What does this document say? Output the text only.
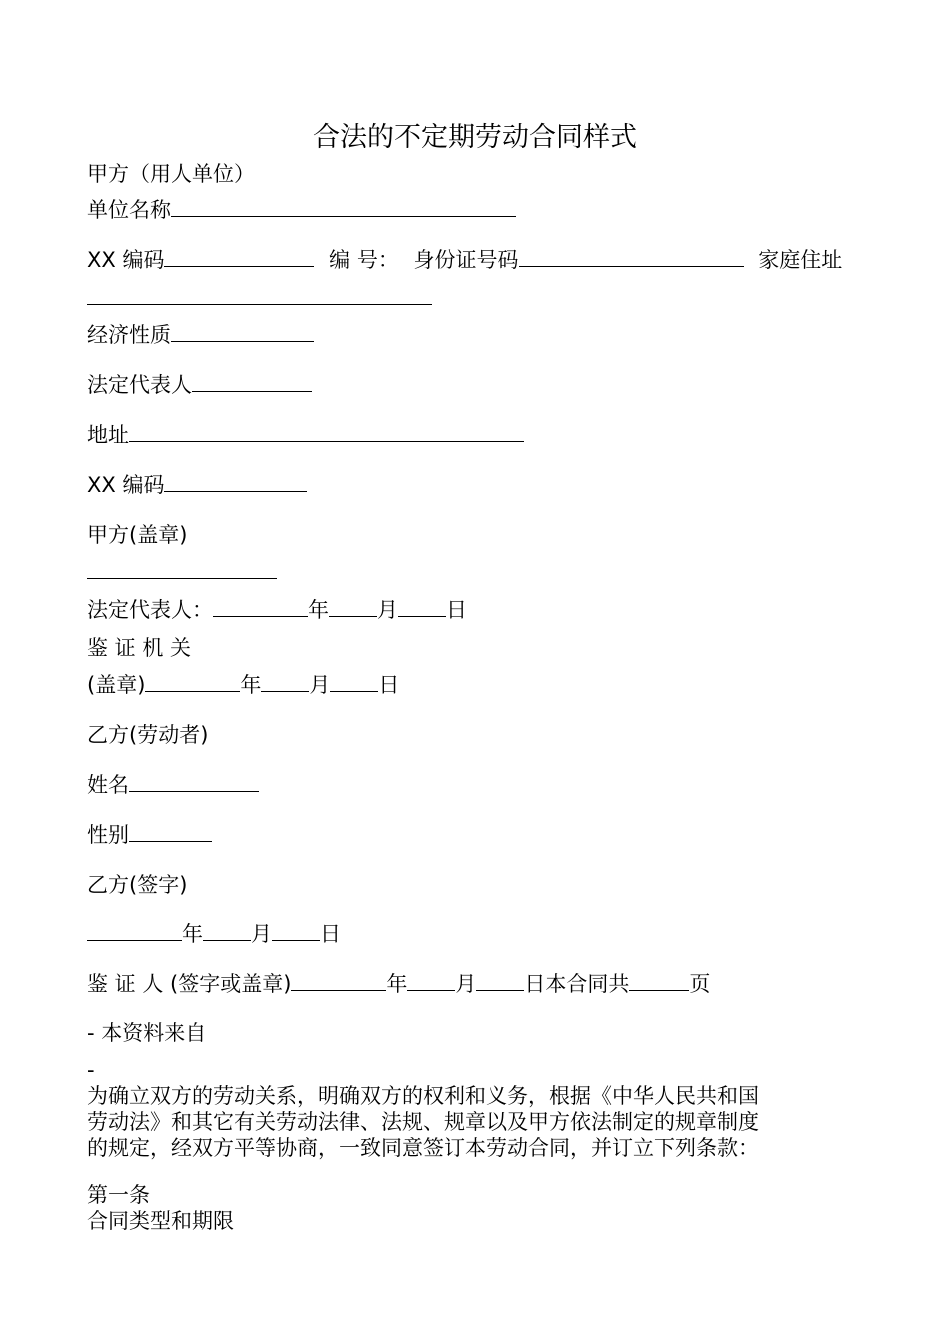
合法的不定期劳动合同样式
甲方（用人单位）
单位名称
XX 编码	编 号： 身份证号码	家庭住址
经济性质
法定代表人
地址
XX 编码
甲方(盖章)
法定代表人：	年 月 日
鉴 证 机 关
(盖章)	年 月 日
乙方(劳动者)
姓名
性别
乙方(签字)
年 月 日
鉴 证 人 (签字或盖章)	年 月 日本合同共	页
- 本资料来自
-
为确立双方的劳动关系，明确双方的权利和义务，根据《中华人民共和国
劳动法》和其它有关劳动法律、法规、规章以及甲方依法制定的规章制度
的规定，经双方平等协商，一致同意签订本劳动合同，并订立下列条款：
第一条
合同类型和期限
